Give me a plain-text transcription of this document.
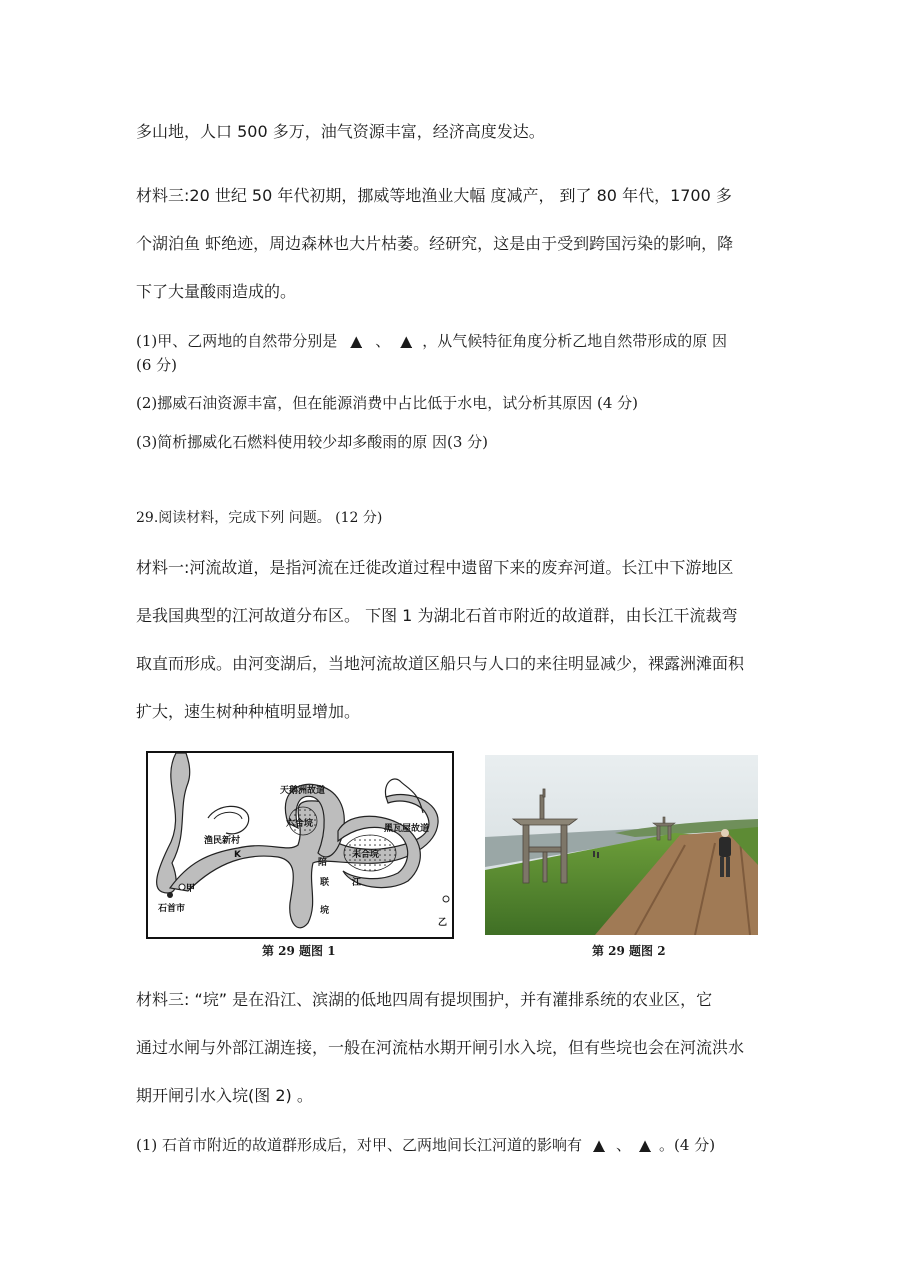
多山地，人口 500 多万，油气资源丰富，经济高度发达。
材料三:20 世纪 50 年代初期，挪威等地渔业大幅 度减产， 到了 80 年代，1700 多
个湖泊鱼 虾绝迹，周边森林也大片枯萎。经研究，这是由于受到跨国污染的影响，降
下了大量酸雨造成的。
(1)甲、乙两地的自然带分别是 ▲ 、 ▲ ，从气候特征角度分析乙地自然带形成的原 因
(6 分)
(2)挪威石油资源丰富，但在能源消费中占比低于水电，试分析其原因 (4 分)
(3)简析挪威化石燃料使用较少却多酸雨的原 因(3 分)
29.阅读材料，完成下列 问题。 (12 分)
材料一:河流故道，是指河流在迁徙改道过程中遗留下来的废弃河道。长江中下游地区
是我国典型的江河故道分布区。 下图 1 为湖北石首市附近的故道群，由长江干流裁弯
取直而形成。由河变湖后，当地河流故道区船只与人口的来往明显减少，裸露洲滩面积
扩大，速生树种种植明显增加。
天鹅洲故道
六合垸
渔民新村
K
甲
石首市
乙
未合垸
黑瓦屋故道
陪
垸
联	江
第 29 题图 1	第 29 题图 2
材料三: “垸” 是在沿江、滨湖的低地四周有提坝围护，并有灌排系统的农业区，它
通过水闸与外部江湖连接，一般在河流枯水期开闸引水入垸，但有些垸也会在河流洪水
期开闸引水入垸(图 2) 。
(1) 石首市附近的故道群形成后，对甲、乙两地间长江河道的影响有 ▲ 、 ▲ 。(4 分)
